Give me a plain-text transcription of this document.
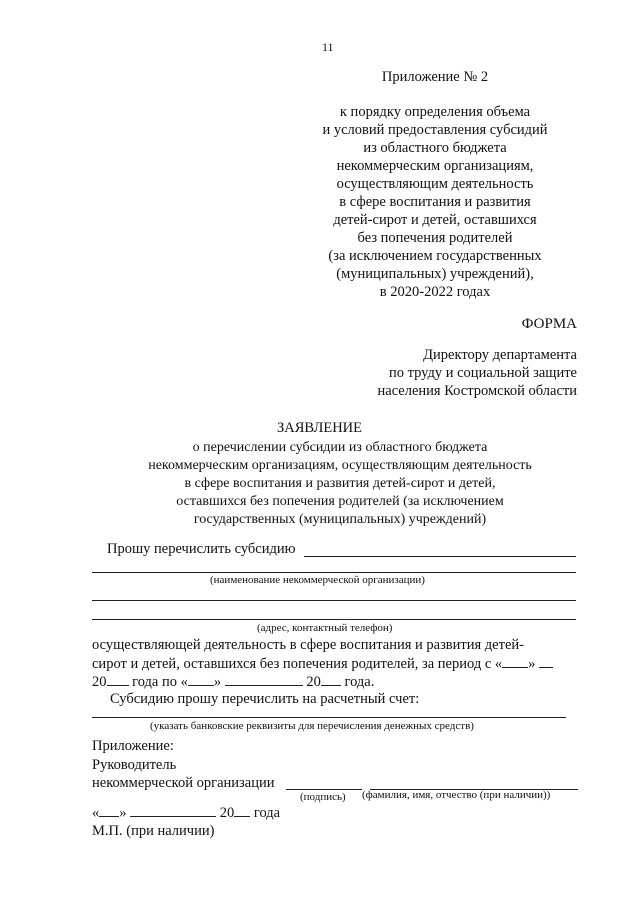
11
Приложение № 2
к порядку определения объема
и условий предоставления субсидий
из областного бюджета
некоммерческим организациям,
осуществляющим деятельность
в сфере воспитания и развития
детей-сирот и детей, оставшихся
без попечения родителей
(за исключением государственных
(муниципальных) учреждений),
в 2020-2022 годах
ФОРМА
Директору департамента
по труду и социальной защите
населения Костромской области
ЗАЯВЛЕНИЕ
о перечислении субсидии из областного бюджета
некоммерческим организациям, осуществляющим деятельность
в сфере воспитания и развития детей-сирот и детей,
оставшихся без попечения родителей (за исключением
государственных (муниципальных) учреждений)
Прошу перечислить субсидию
(наименование некоммерческой организации)
(адрес, контактный телефон)
осуществляющей деятельность в сфере воспитания и развития детей-
сирот и детей, оставшихся без попечения родителей, за период с « »
20 года по « »	20 года.
Субсидию прошу перечислить на расчетный счет:
(указать банковские реквизиты для перечисления денежных средств)
Приложение:
Руководитель
некоммерческой организации
(подпись) (фамилия, имя, отчество (при наличии))
« »	20 года
М.П. (при наличии)
